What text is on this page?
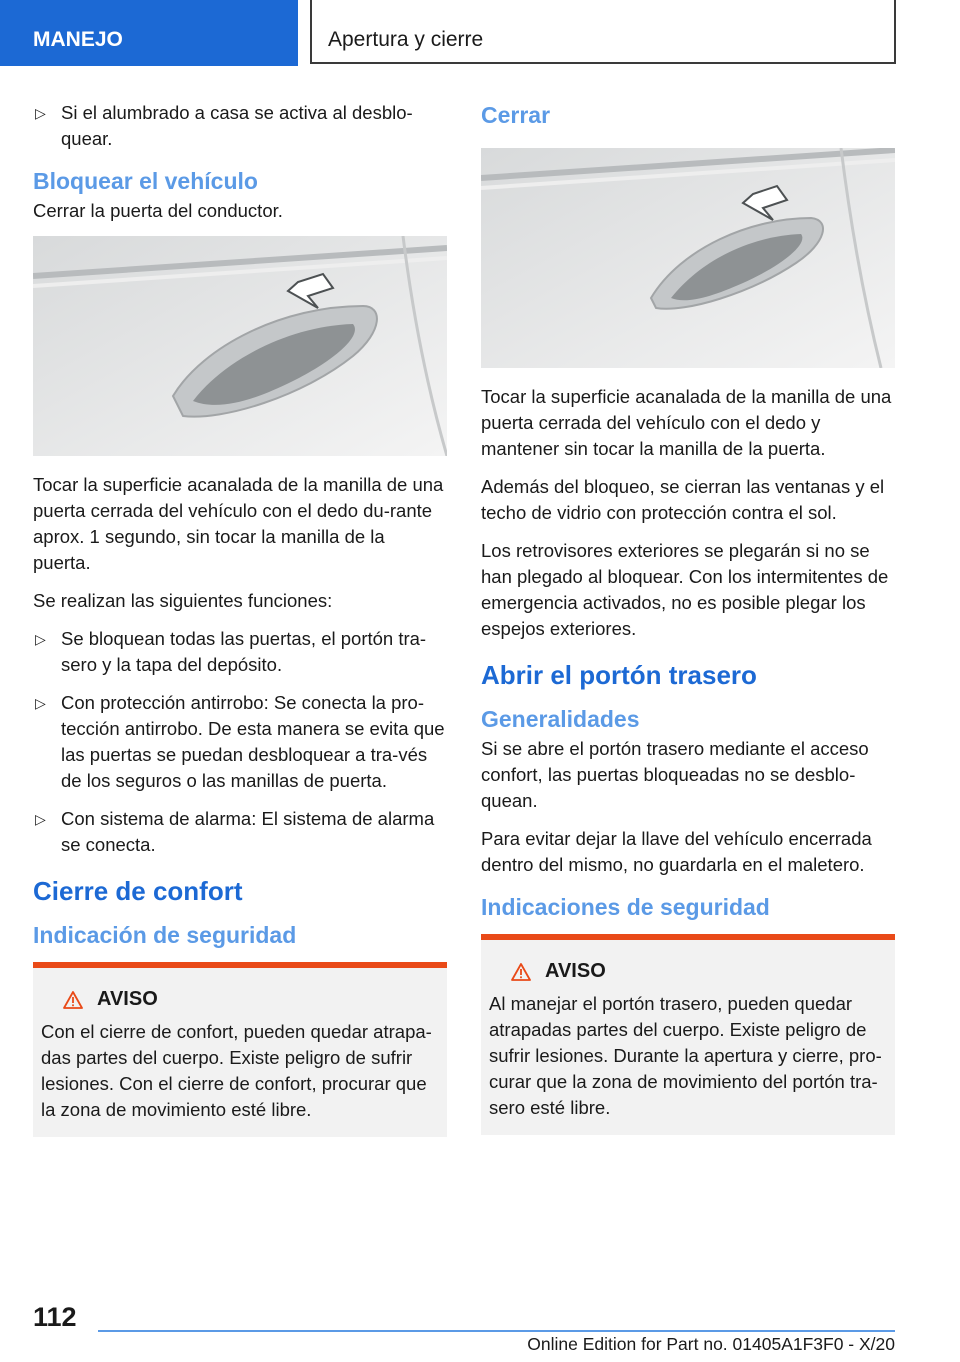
MANEJO	Apertura y cierre
▷ Si el alumbrado a casa se activa al desblo-quear.
Bloquear el vehículo

Cerrar la puerta del conductor.

Tocar la superficie acanalada de la manilla de una puerta cerrada del vehículo con el dedo du-rante aprox. 1 segundo, sin tocar la manilla de la puerta.

Se realizan las siguientes funciones:

▷ Se bloquean todas las puertas, el portón tra-sero y la tapa del depósito.
▷ Con protección antirrobo: Se conecta la pro-tección antirrobo. De esta manera se evita que las puertas se puedan desbloquear a tra-vés de los seguros o las manillas de puerta.
▷ Con sistema de alarma: El sistema de alarma se conecta.
Cierre de confort
Indicación de seguridad
AVISO

Con el cierre de confort, pueden quedar atrapa-das partes del cuerpo. Existe peligro de sufrir lesiones. Con el cierre de confort, procurar que la zona de movimiento esté libre.

Cerrar

Tocar la superficie acanalada de la manilla de una puerta cerrada del vehículo con el dedo y mantener sin tocar la manilla de la puerta.

Además del bloqueo, se cierran las ventanas y el techo de vidrio con protección contra el sol.

Los retrovisores exteriores se plegarán si no se han plegado al bloquear. Con los intermitentes de emergencia activados, no es posible plegar los espejos exteriores.

Abrir el portón trasero
Generalidades

Si se abre el portón trasero mediante el acceso confort, las puertas bloqueadas no se desblo-quean.

Para evitar dejar la llave del vehículo encerrada dentro del mismo, no guardarla en el maletero.

Indicaciones de seguridad
AVISO

Al manejar el portón trasero, pueden quedar atrapadas partes del cuerpo. Existe peligro de sufrir lesiones. Durante la apertura y cierre, pro-curar que la zona de movimiento del portón tra-sero esté libre.

112
Online Edition for Part no. 01405A1F3F0 - X/20
